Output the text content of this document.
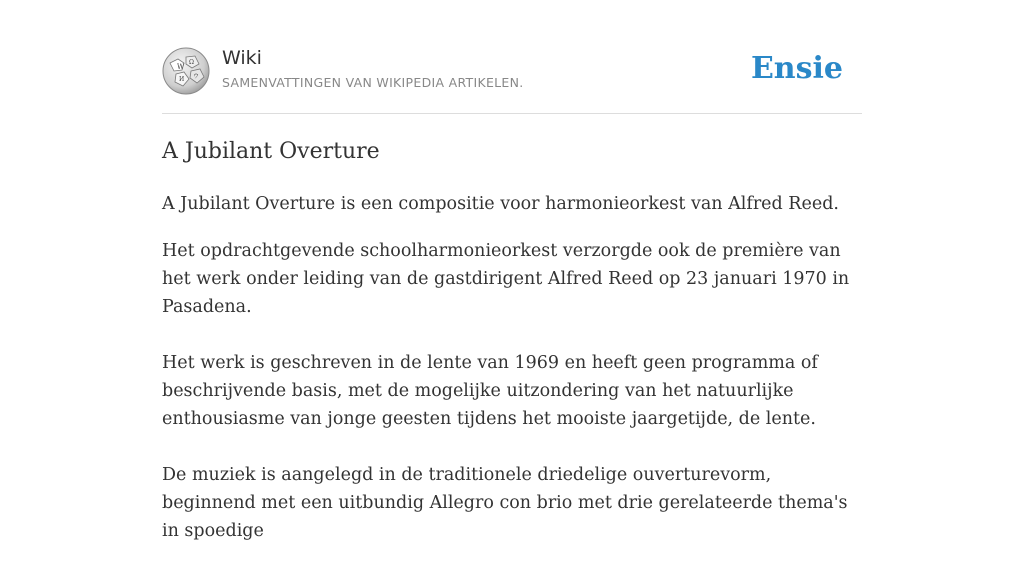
W
Ω
И ウ
Wiki
SAMENVATTINGEN VAN WIKIPEDIA ARTIKELEN.	Ensie
A Jubilant Overture

A Jubilant Overture is een compositie voor harmonieorkest van Alfred Reed.

Het opdrachtgevende schoolharmonieorkest verzorgde ook de première van het werk onder leiding van de gastdirigent Alfred Reed op 23 januari 1970 in Pasadena.

Het werk is geschreven in de lente van 1969 en heeft geen programma of beschrijvende basis, met de mogelijke uitzondering van het natuurlijke enthousiasme van jonge geesten tijdens het mooiste jaargetijde, de lente.

De muziek is aangelegd in de traditionele driedelige ouverturevorm, beginnend met een uitbundig Allegro con brio met drie gerelateerde thema's in spoedige
